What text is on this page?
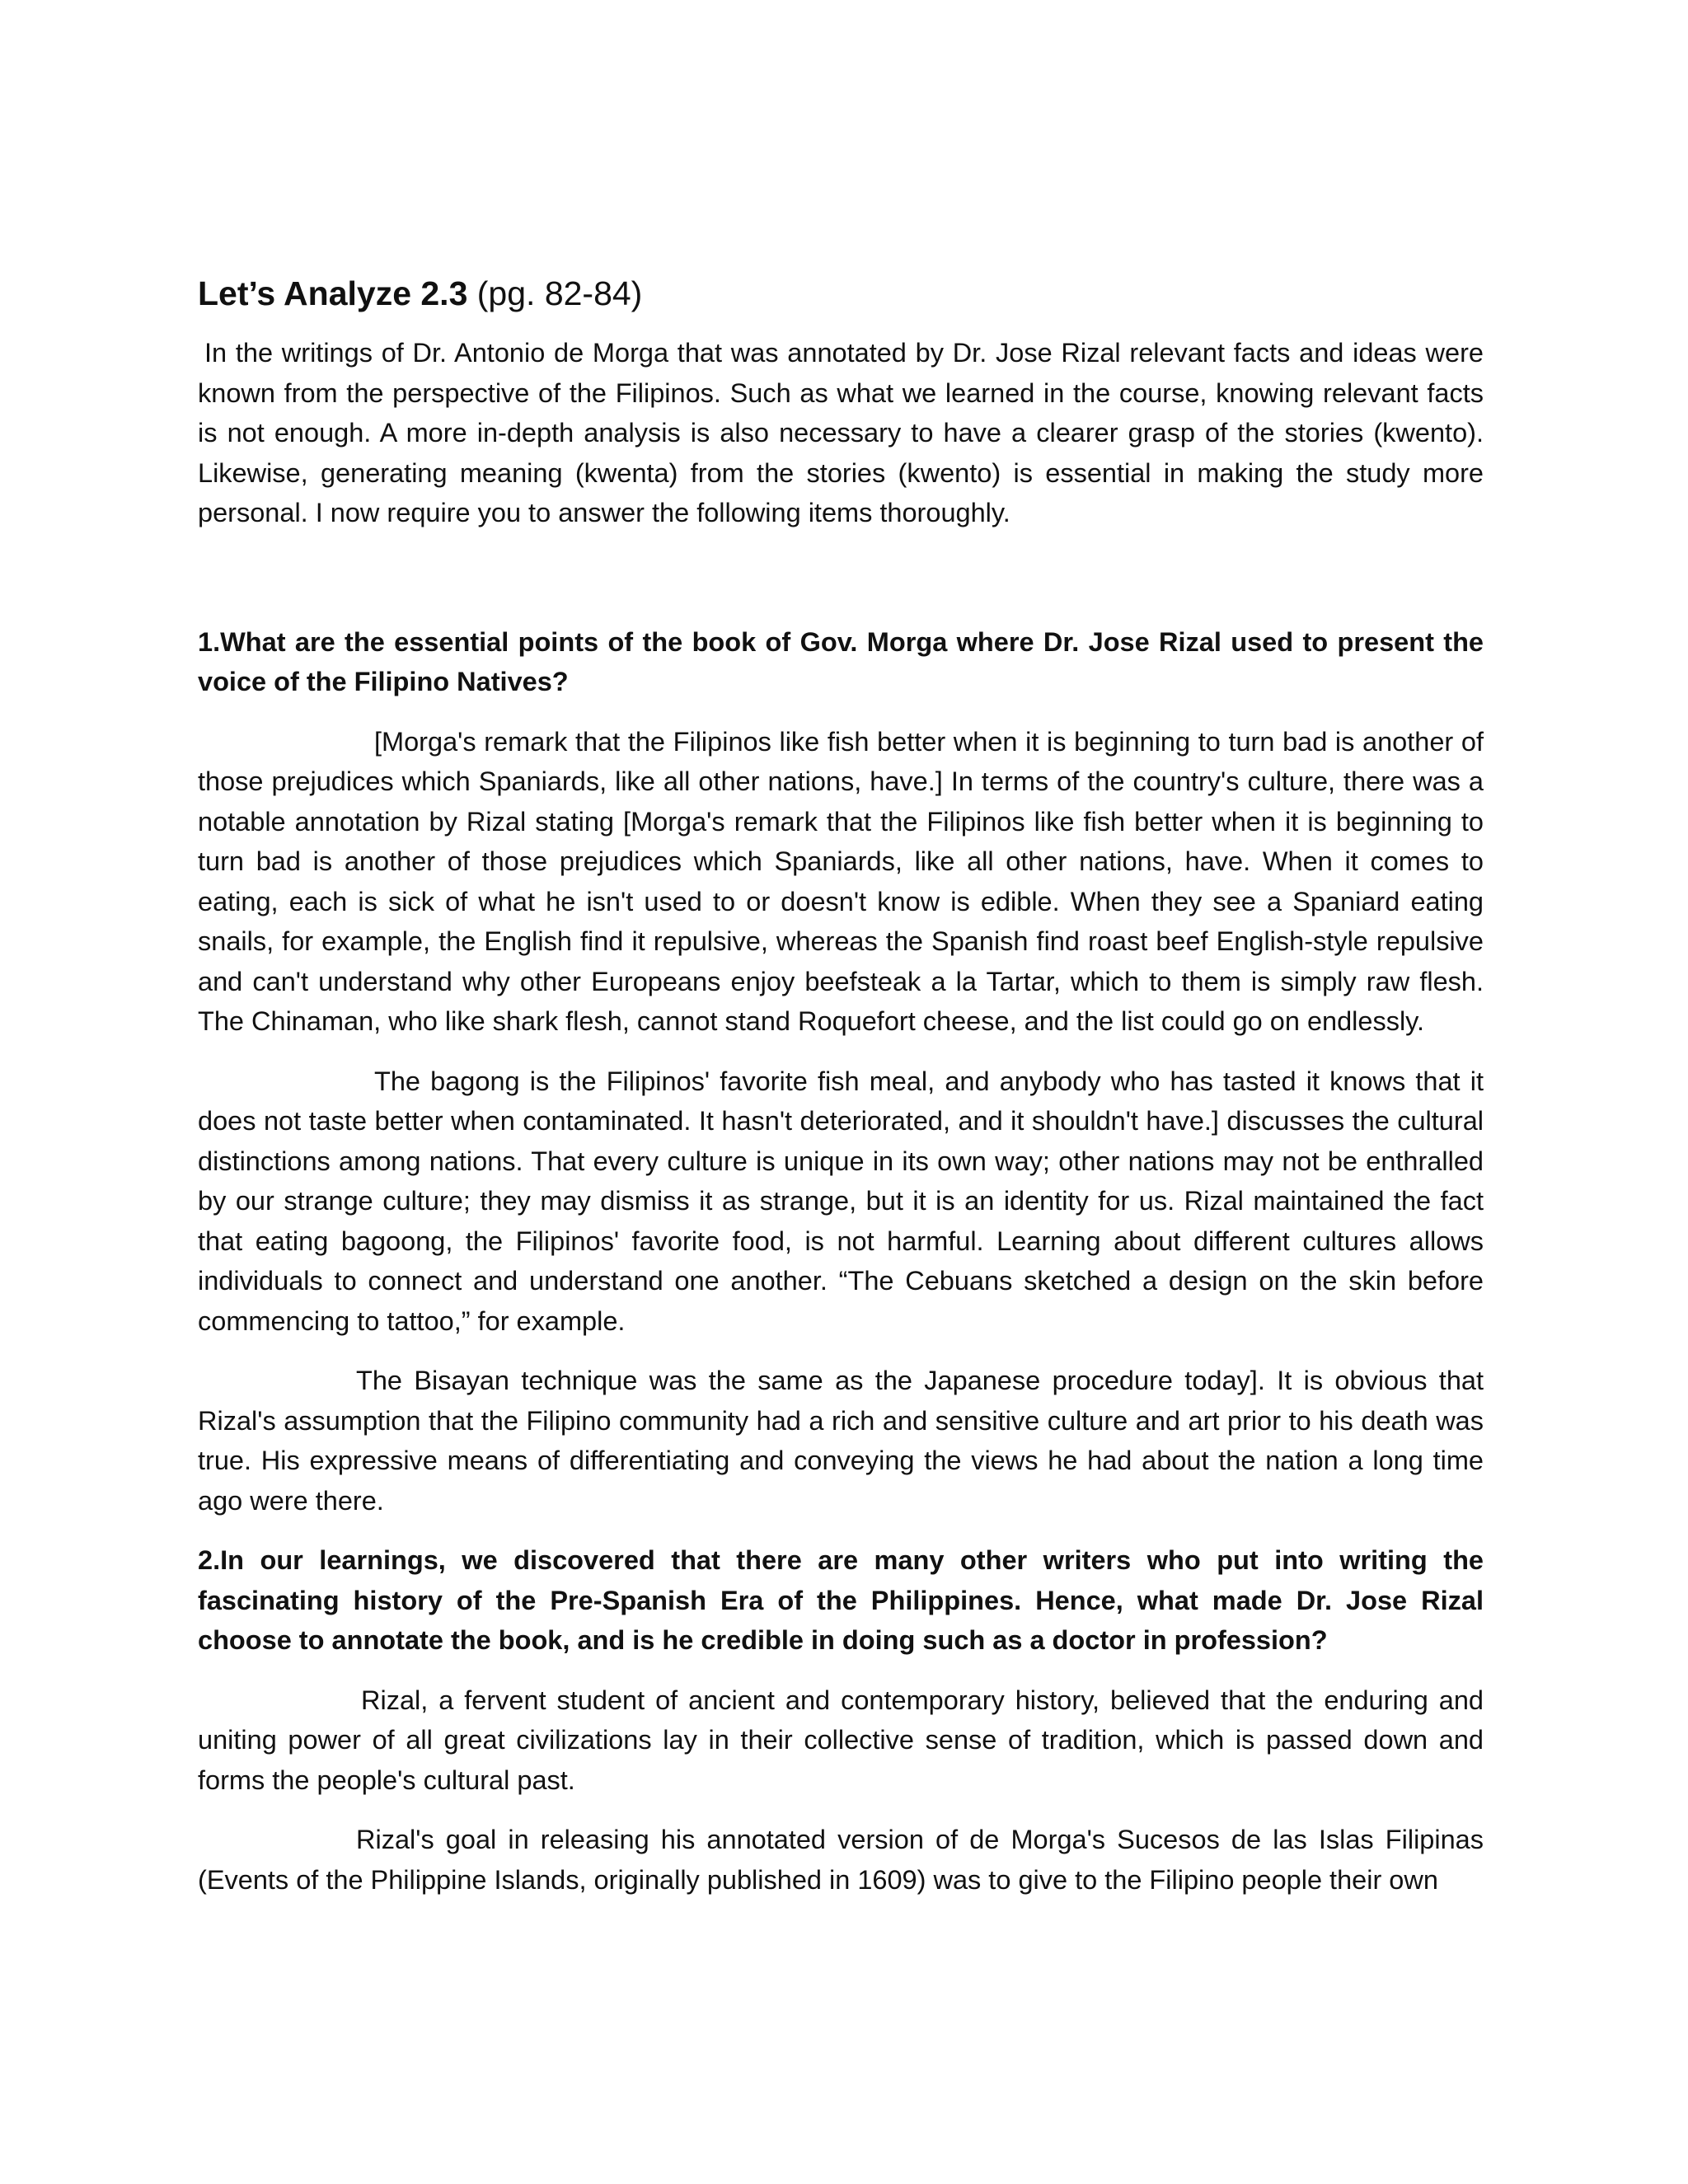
Let’s Analyze 2.3 (pg. 82-84)

In the writings of Dr. Antonio de Morga that was annotated by Dr. Jose Rizal relevant facts and ideas were known from the perspective of the Filipinos. Such as what we learned in the course, knowing relevant facts is not enough. A more in-depth analysis is also necessary to have a clearer grasp of the stories (kwento). Likewise, generating meaning (kwenta) from the stories (kwento) is essential in making the study more personal. I now require you to answer the following items thoroughly.

1.What are the essential points of the book of Gov. Morga where Dr. Jose Rizal used to present the voice of the Filipino Natives?

[Morga's remark that the Filipinos like fish better when it is beginning to turn bad is another of those prejudices which Spaniards, like all other nations, have.] In terms of the country's culture, there was a notable annotation by Rizal stating [Morga's remark that the Filipinos like fish better when it is beginning to turn bad is another of those prejudices which Spaniards, like all other nations, have. When it comes to eating, each is sick of what he isn't used to or doesn't know is edible. When they see a Spaniard eating snails, for example, the English find it repulsive, whereas the Spanish find roast beef English-style repulsive and can't understand why other Europeans enjoy beefsteak a la Tartar, which to them is simply raw flesh. The Chinaman, who like shark flesh, cannot stand Roquefort cheese, and the list could go on endlessly.

The bagong is the Filipinos' favorite fish meal, and anybody who has tasted it knows that it does not taste better when contaminated. It hasn't deteriorated, and it shouldn't have.] discusses the cultural distinctions among nations. That every culture is unique in its own way; other nations may not be enthralled by our strange culture; they may dismiss it as strange, but it is an identity for us. Rizal maintained the fact that eating bagoong, the Filipinos' favorite food, is not harmful. Learning about different cultures allows individuals to connect and understand one another. “The Cebuans sketched a design on the skin before commencing to tattoo,” for example.

The Bisayan technique was the same as the Japanese procedure today]. It is obvious that Rizal's assumption that the Filipino community had a rich and sensitive culture and art prior to his death was true. His expressive means of differentiating and conveying the views he had about the nation a long time ago were there.

2.In our learnings, we discovered that there are many other writers who put into writing the fascinating history of the Pre-Spanish Era of the Philippines. Hence, what made Dr. Jose Rizal choose to annotate the book, and is he credible in doing such as a doctor in profession?

Rizal, a fervent student of ancient and contemporary history, believed that the enduring and uniting power of all great civilizations lay in their collective sense of tradition, which is passed down and forms the people's cultural past.

Rizal's goal in releasing his annotated version of de Morga's Sucesos de las Islas Filipinas (Events of the Philippine Islands, originally published in 1609) was to give to the Filipino people their own
